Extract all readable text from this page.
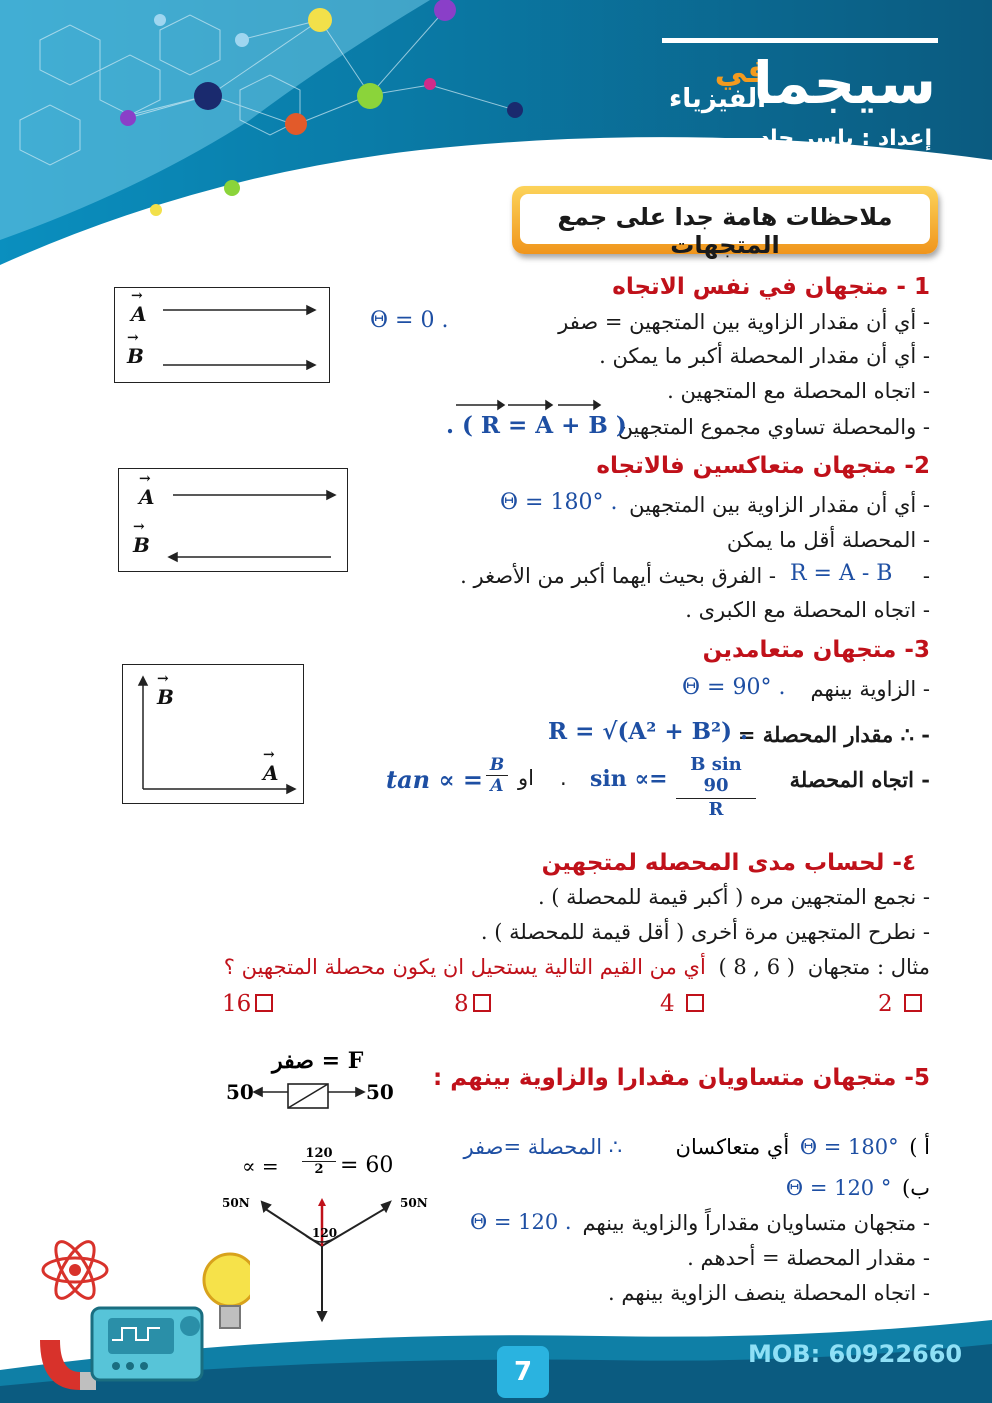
في
سيجما
الفيزياء
إعداد : ياسر جاد
ملاحظات هامة جدا على جمع المتجهات
1 - متجهان في نفس الاتجاه
- أي أن مقدار الزاوية بين المتجهين = صفر
Θ = 0 .
- أي أن مقدار المحصلة أكبر ما يمكن .
- اتجاه المحصلة مع المتجهين .
- والمحصلة تساوي مجموع المتجهين
. ( R = A + B )
→ A
→ B
2- متجهان متعاكسين فالاتجاه
- أي أن مقدار الزاوية بين المتجهين
Θ = 180° .
- المحصلة أقل ما يمكن
- الفرق بحيث أيهما أكبر من الأصغر .	-
R = A - B
- اتجاه المحصلة مع الكبرى .
→ A
→ B
3- متجهان متعامدين
- الزاوية بينهم
Θ = 90° .
- ∴ مقدار المحصلة =
R = √(A² + B²) .
- اتجاه المحصلة
$\sin \propto= \frac{\text{B sin 90}}{R}$
.
او
tan ∝ = $\frac{B}{A}$
→ B
→ A
٤- لحساب مدى المحصله لمتجهين
- نجمع المتجهين مره ( أكبر قيمة للمحصلة ) .
- نطرح المتجهين مرة أخرى ( أقل قيمة للمحصلة ) .
مثال : متجهان ( 8 , 6 ) أي من القيم التالية يستحيل ان يكون محصلة المتجهين ؟
2
4
8
16
5- متجهان متساويان مقدارا والزاوية بينهم :
أ ) Θ = 180° أي متعاكسان  ∴ المحصلة =صفر
ب) Θ = 120 °
- متجهان متساويان مقداراً والزاوية بينهم
Θ = 120 .
- مقدار المحصلة = أحدهم .
- اتجاه المحصلة ينصف الزاوية بينهم .
F = صفر
50	50
∝ =
120
2 = 60
50N	50N
120
7
MOB: 60922660
